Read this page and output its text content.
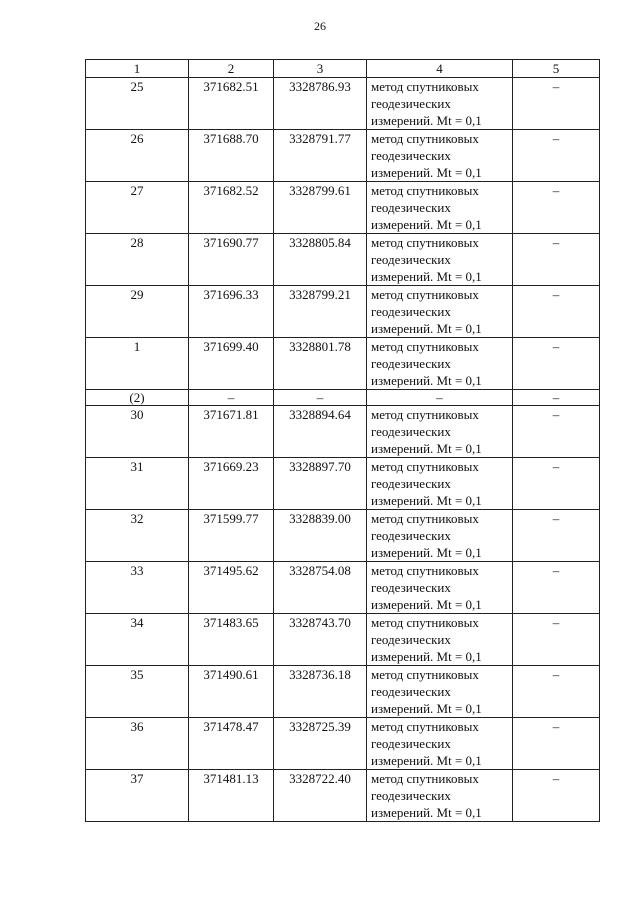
26
1	2	3	4	5
25	371682.51	3328786.93	метод спутниковых
геодезических
измерений. Mt = 0,1	–
26	371688.70	3328791.77	метод спутниковых
геодезических
измерений. Mt = 0,1	–
27	371682.52	3328799.61	метод спутниковых
геодезических
измерений. Mt = 0,1	–
28	371690.77	3328805.84	метод спутниковых
геодезических
измерений. Mt = 0,1	–
29	371696.33	3328799.21	метод спутниковых
геодезических
измерений. Mt = 0,1	–
1	371699.40	3328801.78	метод спутниковых
геодезических
измерений. Mt = 0,1	–
(2)	–	–	–	–
30	371671.81	3328894.64	метод спутниковых
геодезических
измерений. Mt = 0,1	–
31	371669.23	3328897.70	метод спутниковых
геодезических
измерений. Mt = 0,1	–
32	371599.77	3328839.00	метод спутниковых
геодезических
измерений. Mt = 0,1	–
33	371495.62	3328754.08	метод спутниковых
геодезических
измерений. Mt = 0,1	–
34	371483.65	3328743.70	метод спутниковых
геодезических
измерений. Mt = 0,1	–
35	371490.61	3328736.18	метод спутниковых
геодезических
измерений. Mt = 0,1	–
36	371478.47	3328725.39	метод спутниковых
геодезических
измерений. Mt = 0,1	–
37	371481.13	3328722.40	метод спутниковых
геодезических
измерений. Mt = 0,1	–
